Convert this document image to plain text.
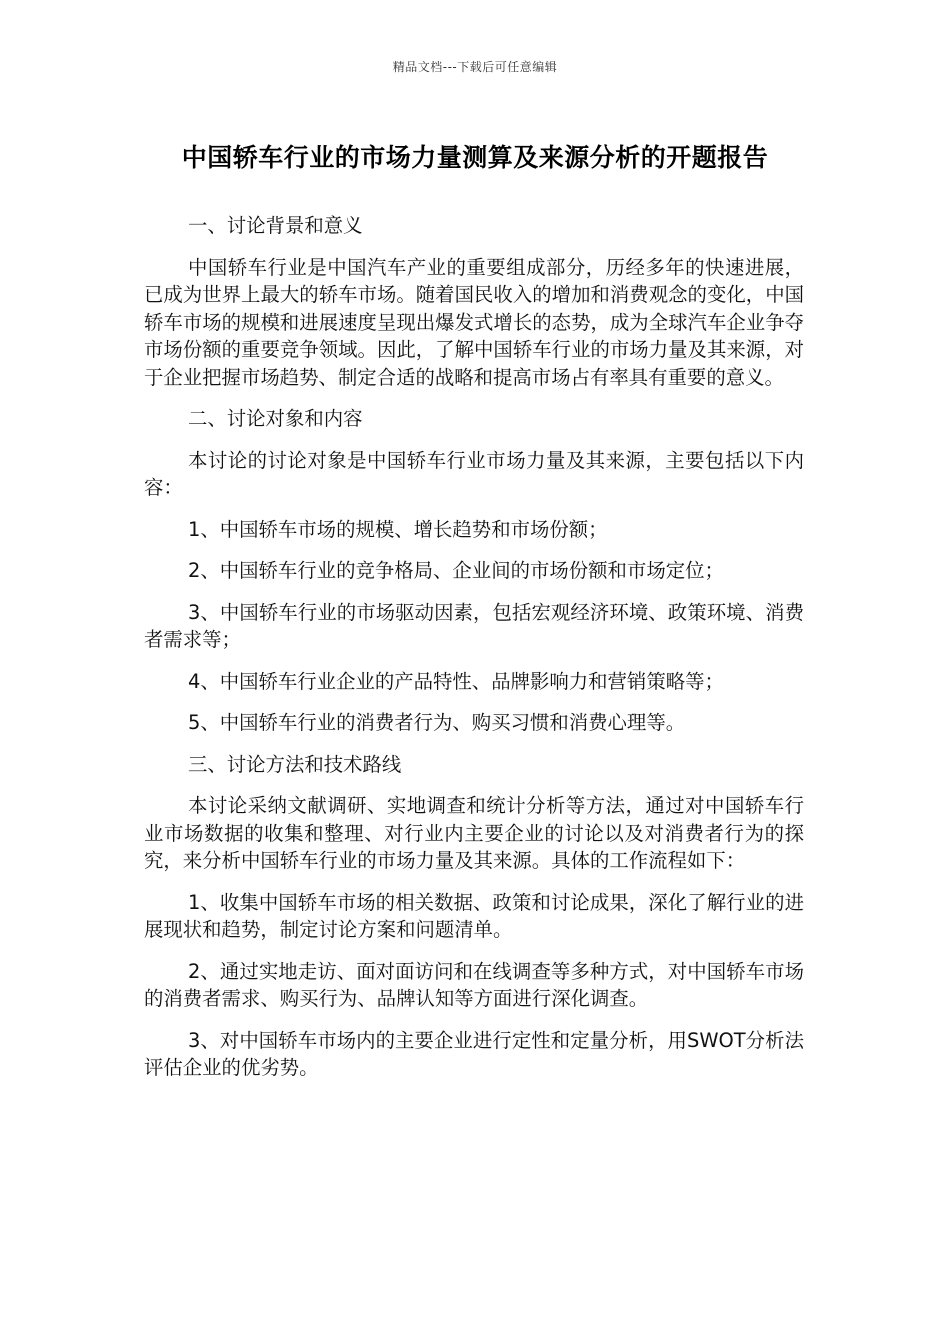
精品文档---下载后可任意编辑
中国轿车行业的市场力量测算及来源分析的开题报告

一、讨论背景和意义

中国轿车行业是中国汽车产业的重要组成部分，历经多年的快速进展，已成为世界上最大的轿车市场。随着国民收入的增加和消费观念的变化，中国轿车市场的规模和进展速度呈现出爆发式增长的态势，成为全球汽车企业争夺市场份额的重要竞争领域。因此，了解中国轿车行业的市场力量及其来源，对于企业把握市场趋势、制定合适的战略和提高市场占有率具有重要的意义。

二、讨论对象和内容

本讨论的讨论对象是中国轿车行业市场力量及其来源，主要包括以下内容：

1、中国轿车市场的规模、增长趋势和市场份额；

2、中国轿车行业的竞争格局、企业间的市场份额和市场定位；

3、中国轿车行业的市场驱动因素，包括宏观经济环境、政策环境、消费者需求等；

4、中国轿车行业企业的产品特性、品牌影响力和营销策略等；

5、中国轿车行业的消费者行为、购买习惯和消费心理等。

三、讨论方法和技术路线

本讨论采纳文献调研、实地调查和统计分析等方法，通过对中国轿车行业市场数据的收集和整理、对行业内主要企业的讨论以及对消费者行为的探究，来分析中国轿车行业的市场力量及其来源。具体的工作流程如下：

1、收集中国轿车市场的相关数据、政策和讨论成果，深化了解行业的进展现状和趋势，制定讨论方案和问题清单。

2、通过实地走访、面对面访问和在线调查等多种方式，对中国轿车市场的消费者需求、购买行为、品牌认知等方面进行深化调查。

3、对中国轿车市场内的主要企业进行定性和定量分析，用SWOT分析法评估企业的优劣势。
